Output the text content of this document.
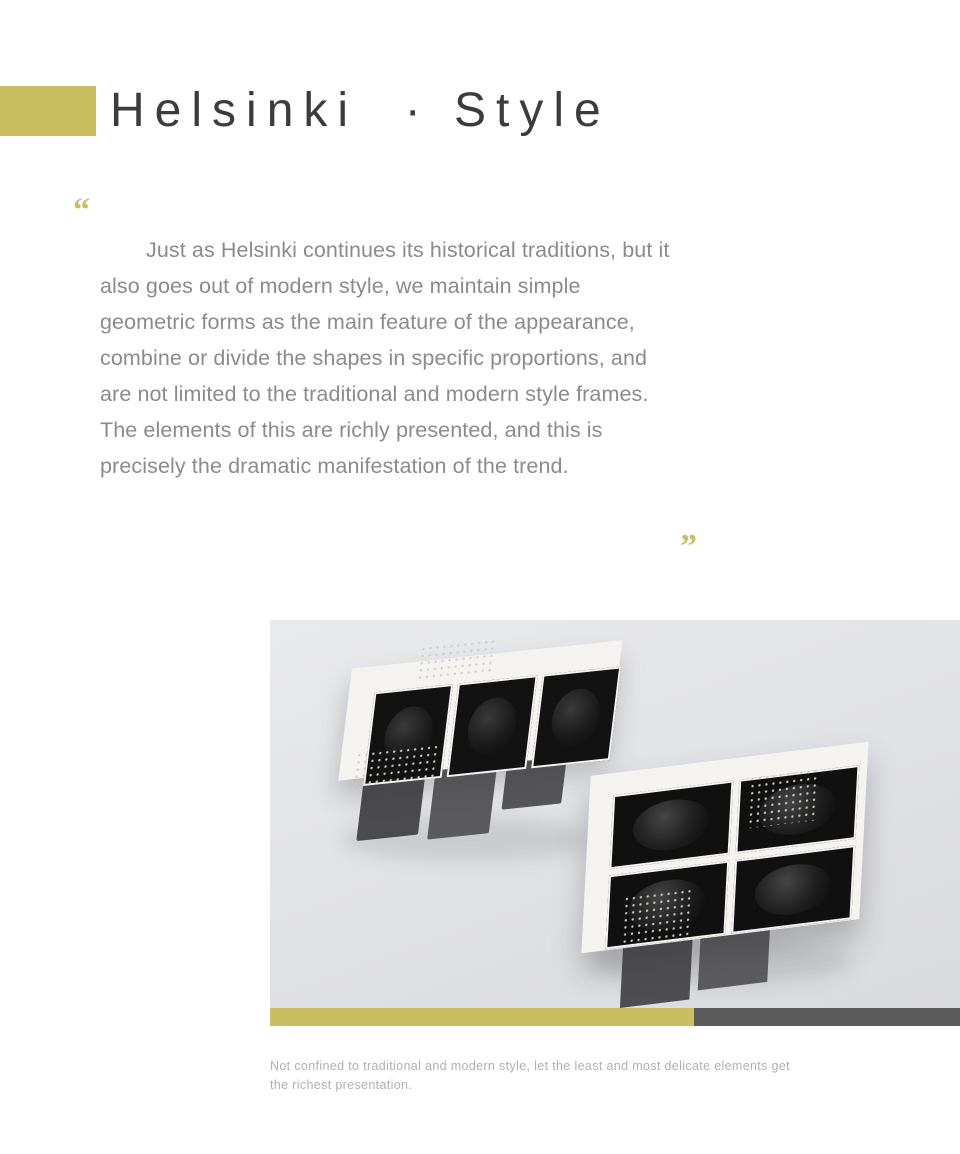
Helsinki  · Style
“

Just as Helsinki continues its historical traditions, but it also goes out of modern style, we maintain simple geometric forms as the main feature of the appearance, combine or divide the shapes in specific proportions, and are not limited to the traditional and modern style frames. The elements of this are richly presented, and this is precisely the dramatic manifestation of the trend.

”

Not confined to traditional and modern style, let the least and most delicate elements get the richest presentation.
